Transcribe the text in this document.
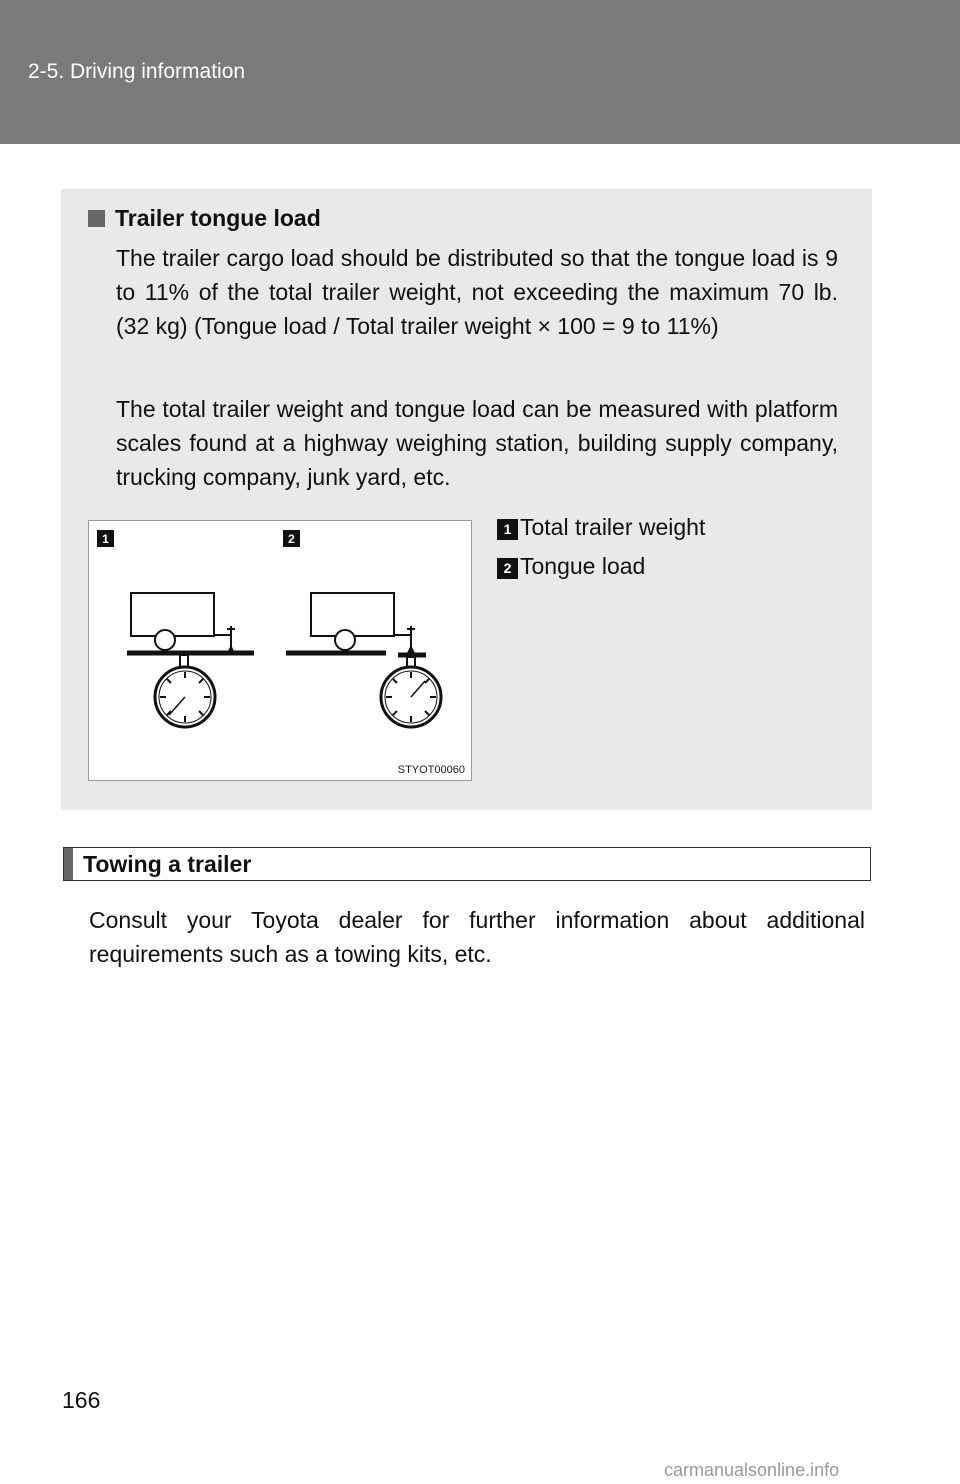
2-5. Driving information
Trailer tongue load
The trailer cargo load should be distributed so that the tongue load is 9 to 11% of the total trailer weight, not exceeding the maximum 70 lb. (32 kg) (Tongue load / Total trailer weight × 100 = 9 to 11%)
The total trailer weight and tongue load can be measured with platform scales found at a highway weighing station, building supply company, trucking company, junk yard, etc.
1	2
STYOT00060
1 Total trailer weight
2 Tongue load
Towing a trailer
Consult your Toyota dealer for further information about additional requirements such as a towing kits, etc.
166
carmanualsonline.info
